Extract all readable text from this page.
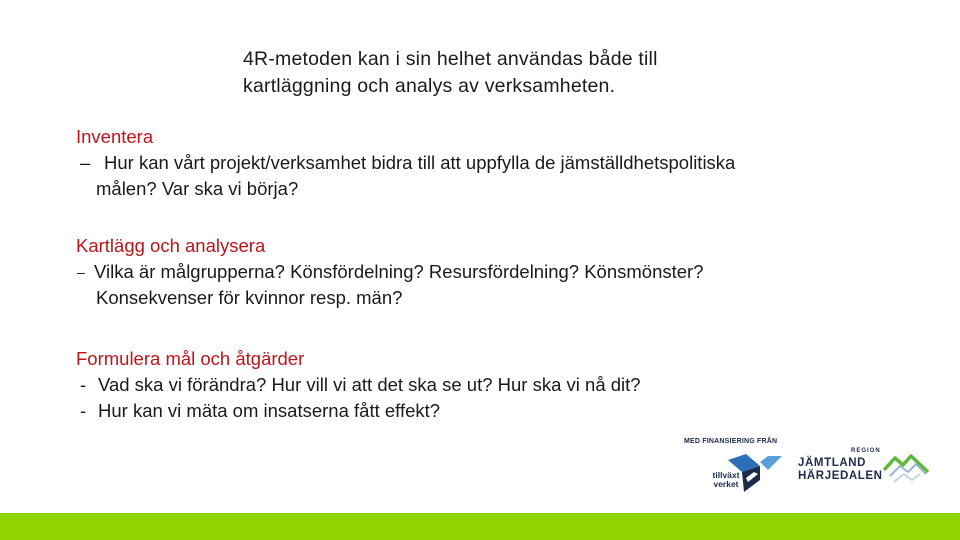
4R-metoden kan i sin helhet användas både till
kartläggning och analys av verksamheten.
Inventera
– Hur kan vårt projekt/verksamhet bidra till att uppfylla de jämställdhetspolitiska
målen? Var ska vi börja?
Kartlägg och analysera
– Vilka är målgrupperna? Könsfördelning? Resursfördelning? Könsmönster?
Konsekvenser för kvinnor resp. män?
Formulera mål och åtgärder
- Vad ska vi förändra? Hur vill vi att det ska se ut? Hur ska vi nå dit?
- Hur kan vi mäta om insatserna fått effekt?
MED FINANSIERING FRÅN
tillväxt
verket
REGION
JÄMTLAND
HÄRJEDALEN
